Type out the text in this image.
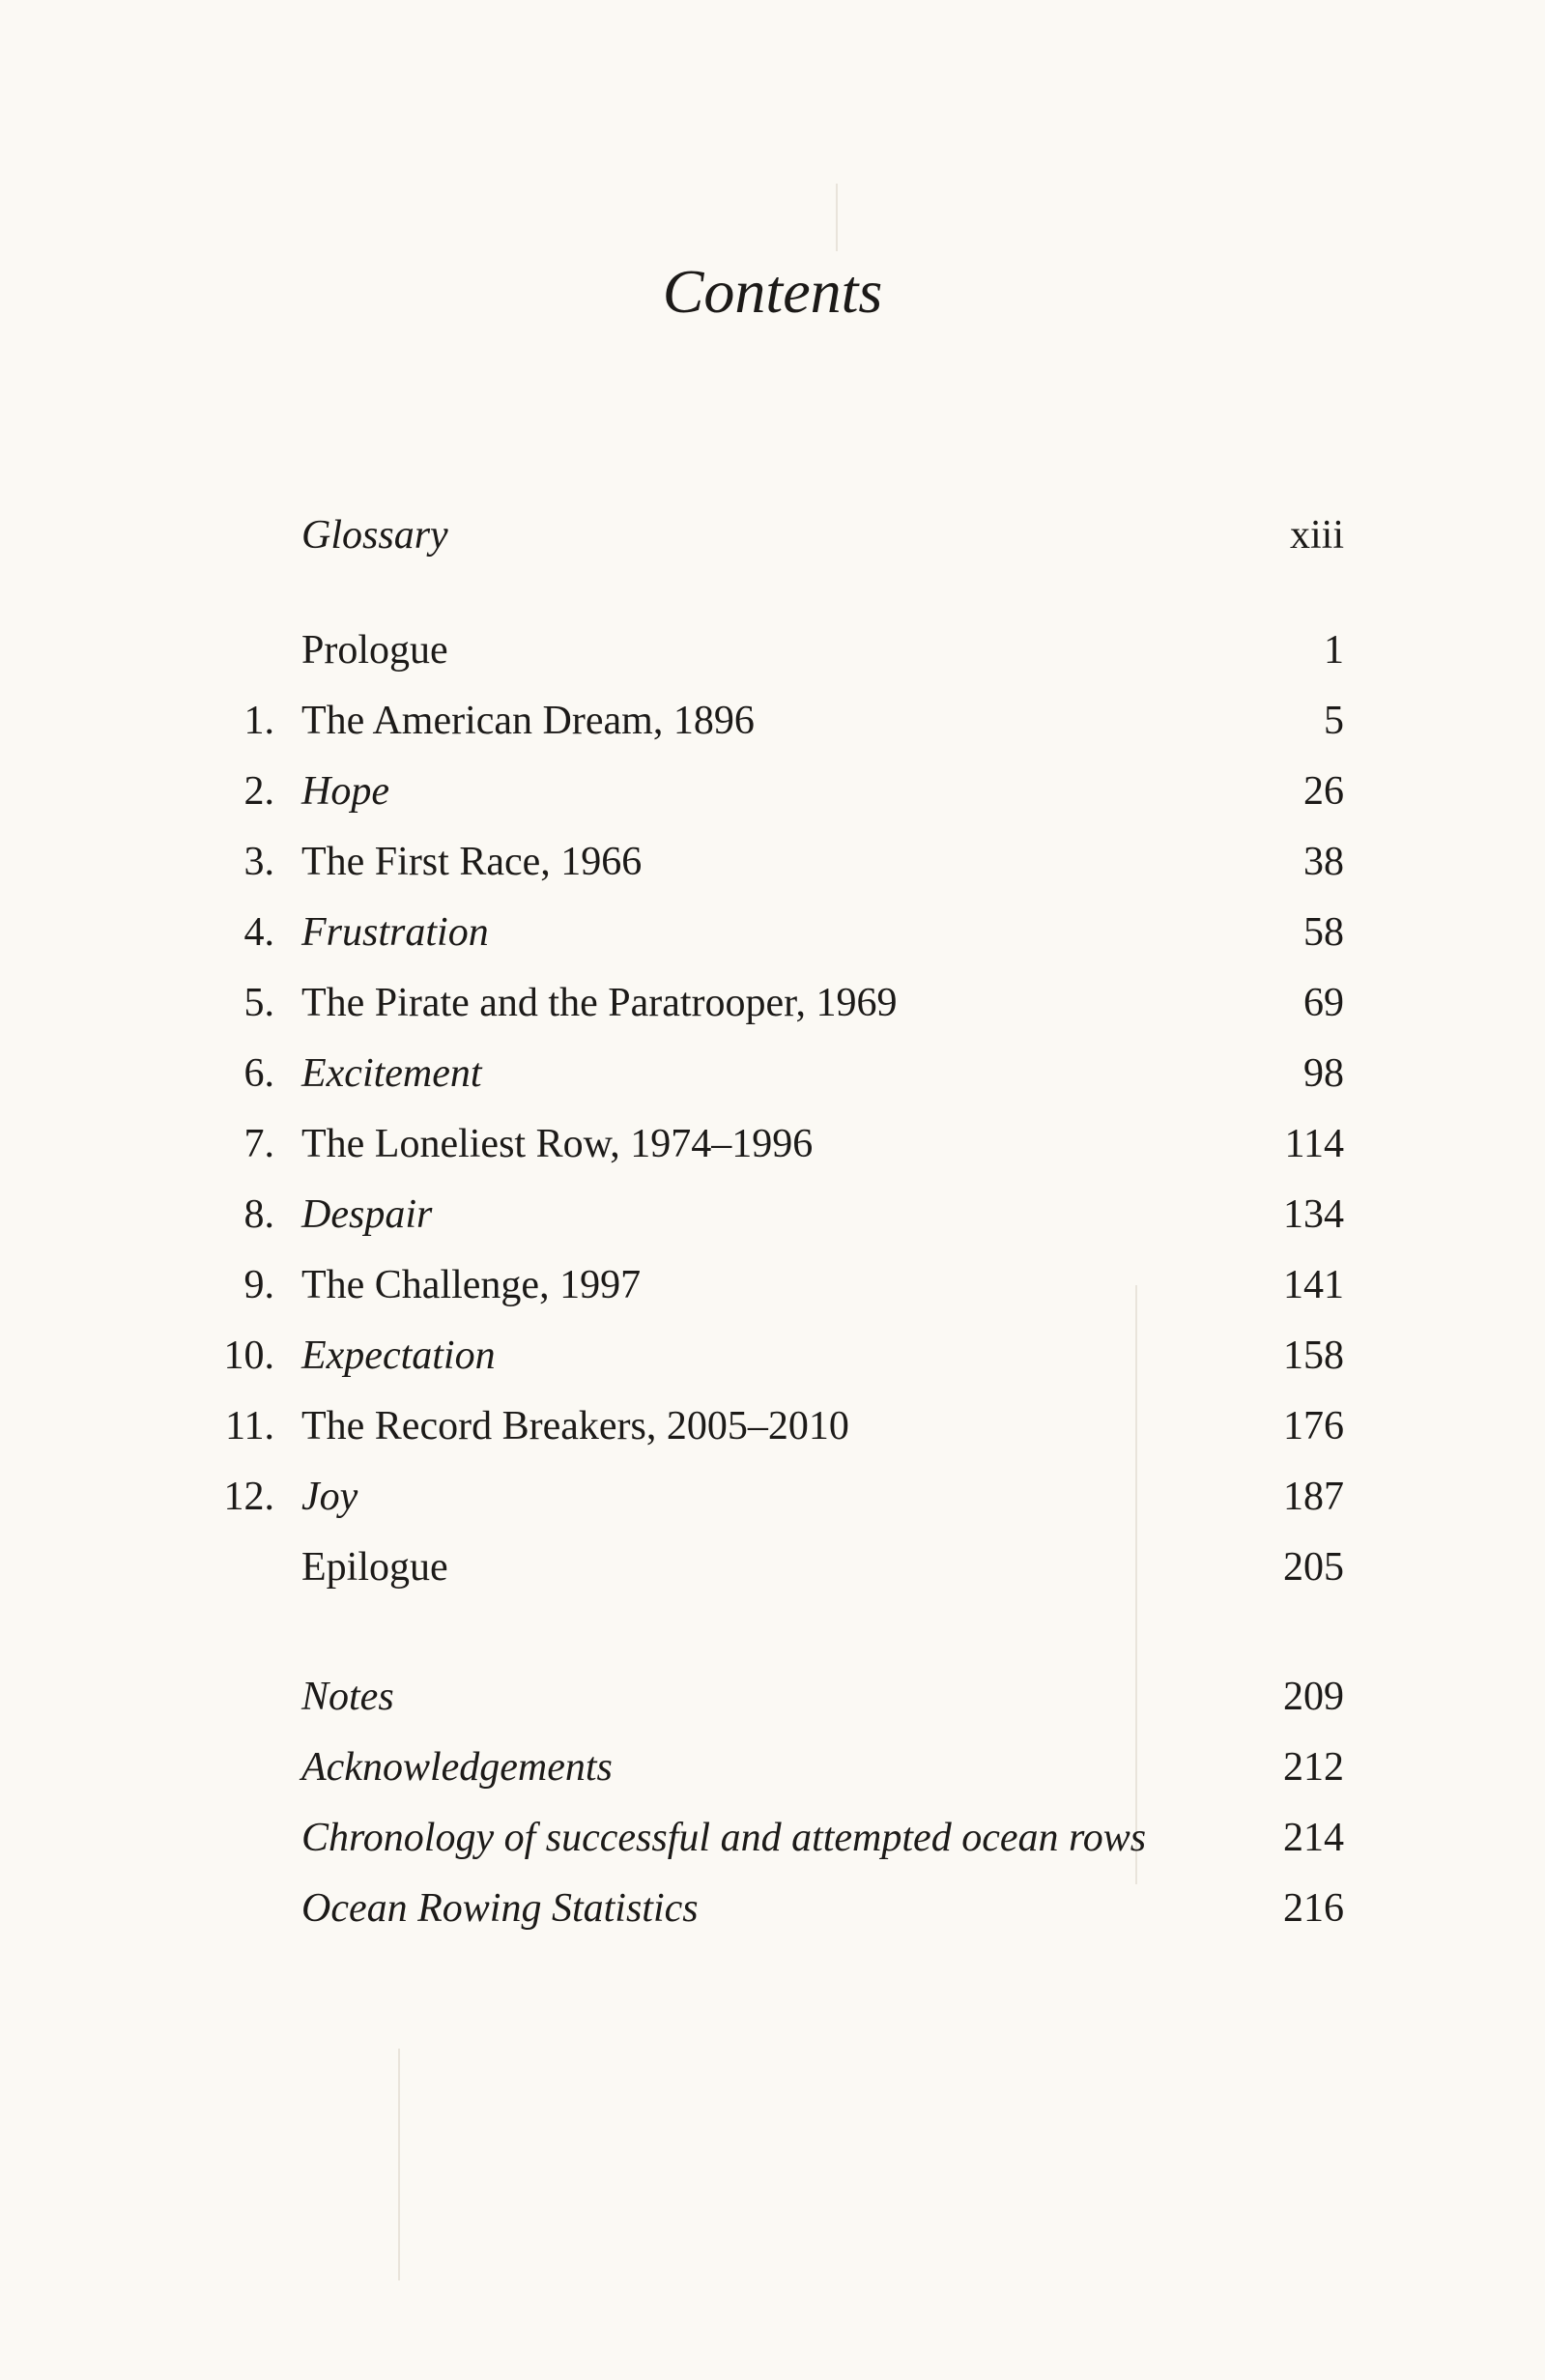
Contents
Glossary	xiii
Prologue	1
1. The American Dream, 1896	5
2. Hope	26
3. The First Race, 1966	38
4. Frustration	58
5. The Pirate and the Paratrooper, 1969	69
6. Excitement	98
7. The Loneliest Row, 1974–1996	114
8. Despair	134
9. The Challenge, 1997	141
10. Expectation	158
11. The Record Breakers, 2005–2010	176
12. Joy	187
Epilogue	205
Notes	209
Acknowledgements	212
Chronology of successful and attempted ocean rows	214
Ocean Rowing Statistics	216
